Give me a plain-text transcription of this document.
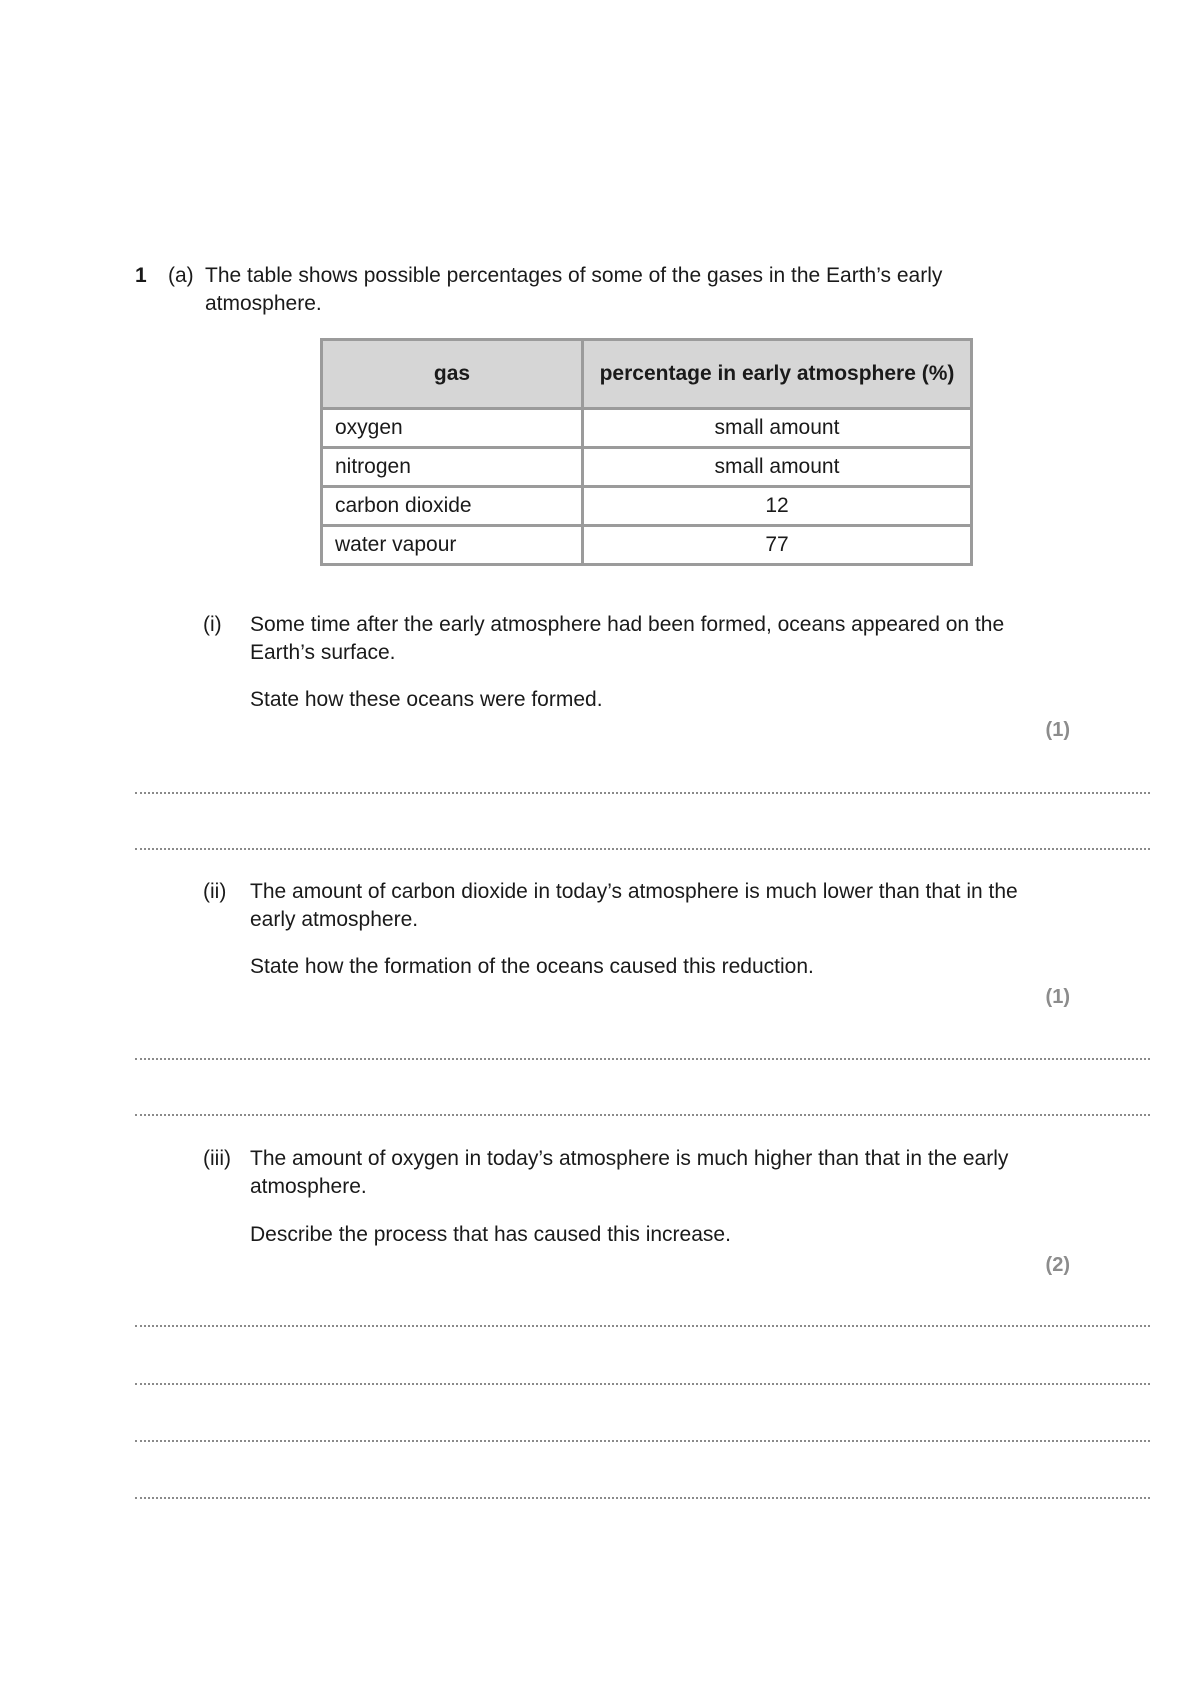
1 (a) The table shows possible percentages of some of the gases in the Earth’s early atmosphere.
gas	percentage in early atmosphere (%)
oxygen	small amount
nitrogen	small amount
carbon dioxide	12
water vapour	77
(i) Some time after the early atmosphere had been formed, oceans appeared on the Earth’s surface.
State how these oceans were formed.
(1)
(ii) The amount of carbon dioxide in today’s atmosphere is much lower than that in the early atmosphere.
State how the formation of the oceans caused this reduction.
(1)
(iii) The amount of oxygen in today’s atmosphere is much higher than that in the early atmosphere.
Describe the process that has caused this increase.
(2)
